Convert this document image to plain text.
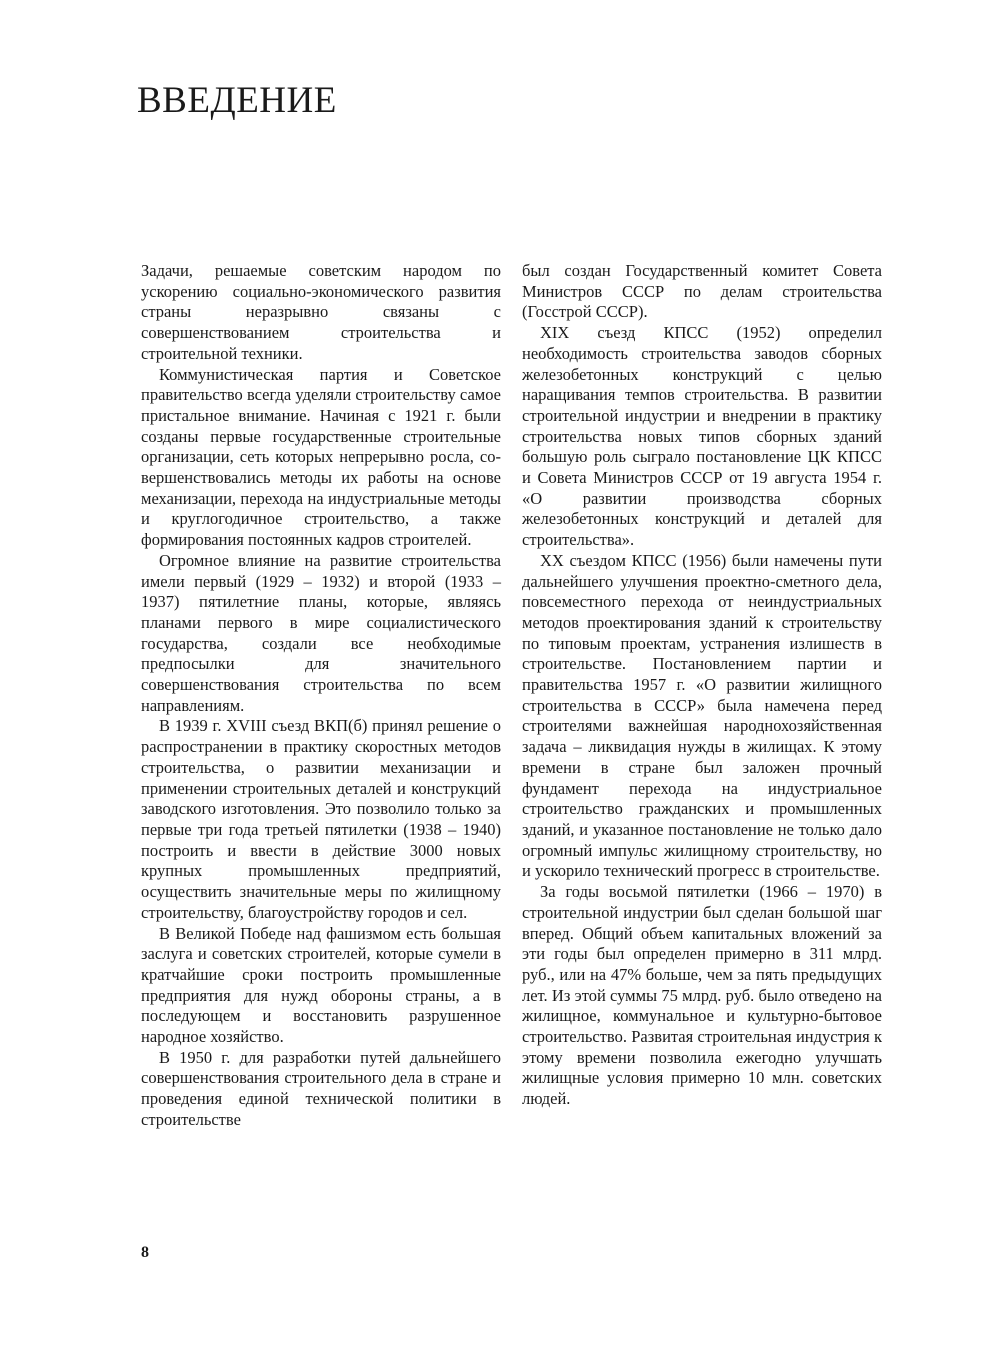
ВВЕДЕНИЕ

Задачи, решаемые советским народом по ускорению социально-экономического развития страны неразрывно связаны с совершенствованием строительства и строительной техники.

Коммунистическая партия и Советское правительство всегда уделяли строительству самое пристальное внимание. Начиная с 1921 г. были созданы первые государственные строительные организации, сеть которых непрерывно росла, совершенствовались методы их работы на основе механизации, перехода на индустриальные методы и круглогодичное строительство, а также формирования постоянных кадров строителей.

Огромное влияние на развитие строительства имели первый (1929 – 1932) и второй (1933 – 1937) пятилетние планы, которые, являясь планами первого в мире социалистического государства, создали все необходимые предпосылки для значительного совершенствования строительства по всем направлениям.

В 1939 г. XVIII съезд ВКП(б) принял решение о распространении в практику скоростных методов строительства, о развитии механизации и применении строительных деталей и конструкций заводского изготовления. Это позволило только за первые три года третьей пятилетки (1938 – 1940) построить и ввести в действие 3000 новых крупных промышленных предприятий, осуществить значительные меры по жилищному строительству, благоустройству городов и сел.

В Великой Победе над фашизмом есть большая заслуга и советских строителей, которые сумели в кратчайшие сроки построить промышленные предприятия для нужд обороны страны, а в последующем и восстановить разрушенное народное хозяйство.

В 1950 г. для разработки путей дальнейшего совершенствования строительного дела в стране и проведения единой технической политики в строительстве

был создан Государственный комитет Совета Министров СССР по делам строительства (Госстрой СССР).

XIX съезд КПСС (1952) определил необходимость строительства заводов сборных железобетонных конструкций с целью наращивания темпов строительства. В развитии строительной индустрии и внедрении в практику строительства новых типов сборных зданий большую роль сыграло постановление ЦК КПСС и Совета Министров СССР от 19 августа 1954 г. «О развитии производства сборных железобетонных конструкций и деталей для строительства».

XX съездом КПСС (1956) были намечены пути дальнейшего улучшения проектно-сметного дела, повсеместного перехода от неиндустриальных методов проектирования зданий к строительству по типовым проектам, устранения излишеств в строительстве. Постановлением партии и правительства 1957 г. «О развитии жилищного строительства в СССР» была намечена перед строителями важнейшая народнохозяйственная задача – ликвидация нужды в жилищах. К этому времени в стране был заложен прочный фундамент перехода на индустриальное строительство гражданских и промышленных зданий, и указанное постановление не только дало огромный импульс жилищному строительству, но и ускорило технический прогресс в строительстве.

За годы восьмой пятилетки (1966 – 1970) в строительной индустрии был сделан большой шаг вперед. Общий объем капитальных вложений за эти годы был определен примерно в 311 млрд. руб., или на 47% больше, чем за пять предыдущих лет. Из этой суммы 75 млрд. руб. было отведено на жилищное, коммунальное и культурно-бытовое строительство. Развитая строительная индустрия к этому времени позволила ежегодно улучшать жилищные условия примерно 10 млн. советских людей.

8
